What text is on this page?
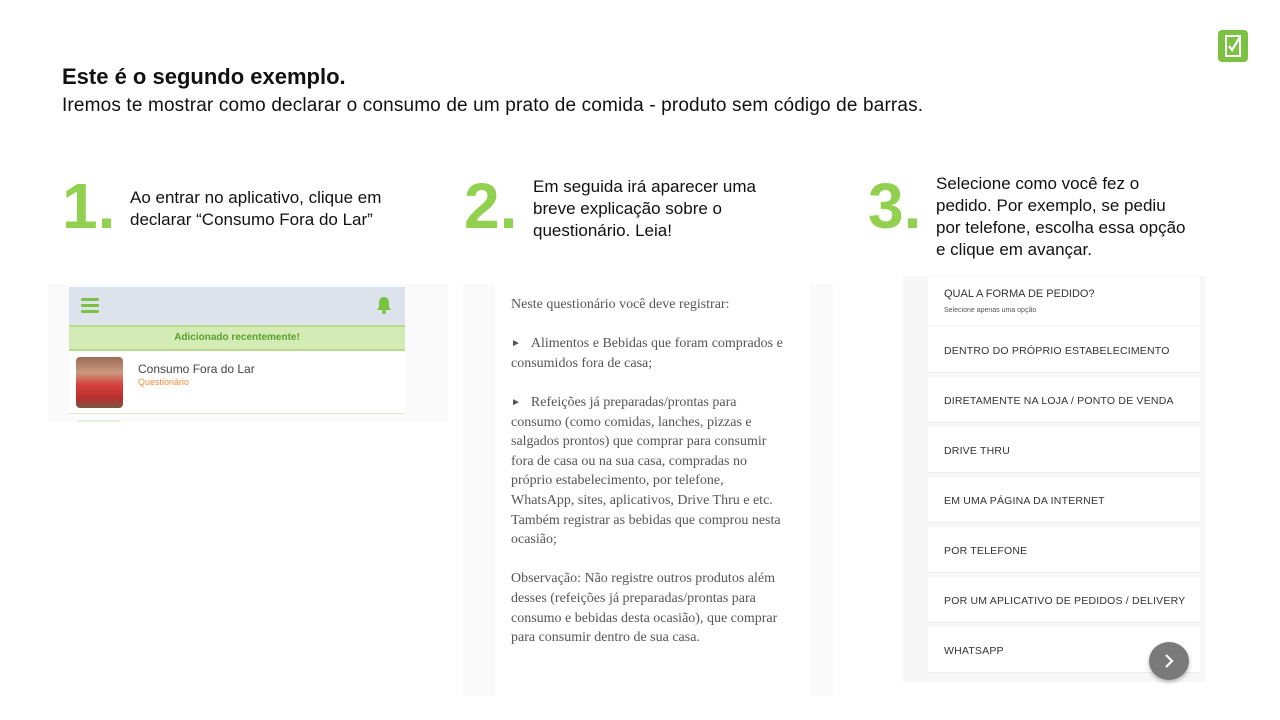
Este é o segundo exemplo.
Iremos te mostrar como declarar o consumo de um prato de comida - produto sem código de barras.
1. Ao entrar no aplicativo, clique em
declarar “Consumo Fora do Lar” 2. Em seguida irá aparecer uma
breve explicação sobre o
questionário. Leia!	3. Selecione como você fez o
pedido. Por exemplo, se pediu
por telefone, escolha essa opção
e clique em avançar.
Adicionado recentemente!
Consumo Fora do Lar
Questionário

Neste questionário você deve registrar:

► Alimentos e Bebidas que foram comprados e

consumidos fora de casa;

► Refeições já preparadas/prontas para

consumo (como comidas, lanches, pizzas e

salgados prontos) que comprar para consumir

fora de casa ou na sua casa, compradas no

próprio estabelecimento, por telefone,

WhatsApp, sites, aplicativos, Drive Thru e etc.

Também registrar as bebidas que comprou nesta

ocasião;

Observação: Não registre outros produtos além

desses (refeições já preparadas/prontas para

consumo e bebidas desta ocasião), que comprar

para consumir dentro de sua casa.

QUAL A FORMA DE PEDIDO?
Selecione apenas uma opção
DENTRO DO PRÓPRIO ESTABELECIMENTO
DIRETAMENTE NA LOJA / PONTO DE VENDA
DRIVE THRU
EM UMA PÁGINA DA INTERNET
POR TELEFONE
POR UM APLICATIVO DE PEDIDOS / DELIVERY
WHATSAPP
